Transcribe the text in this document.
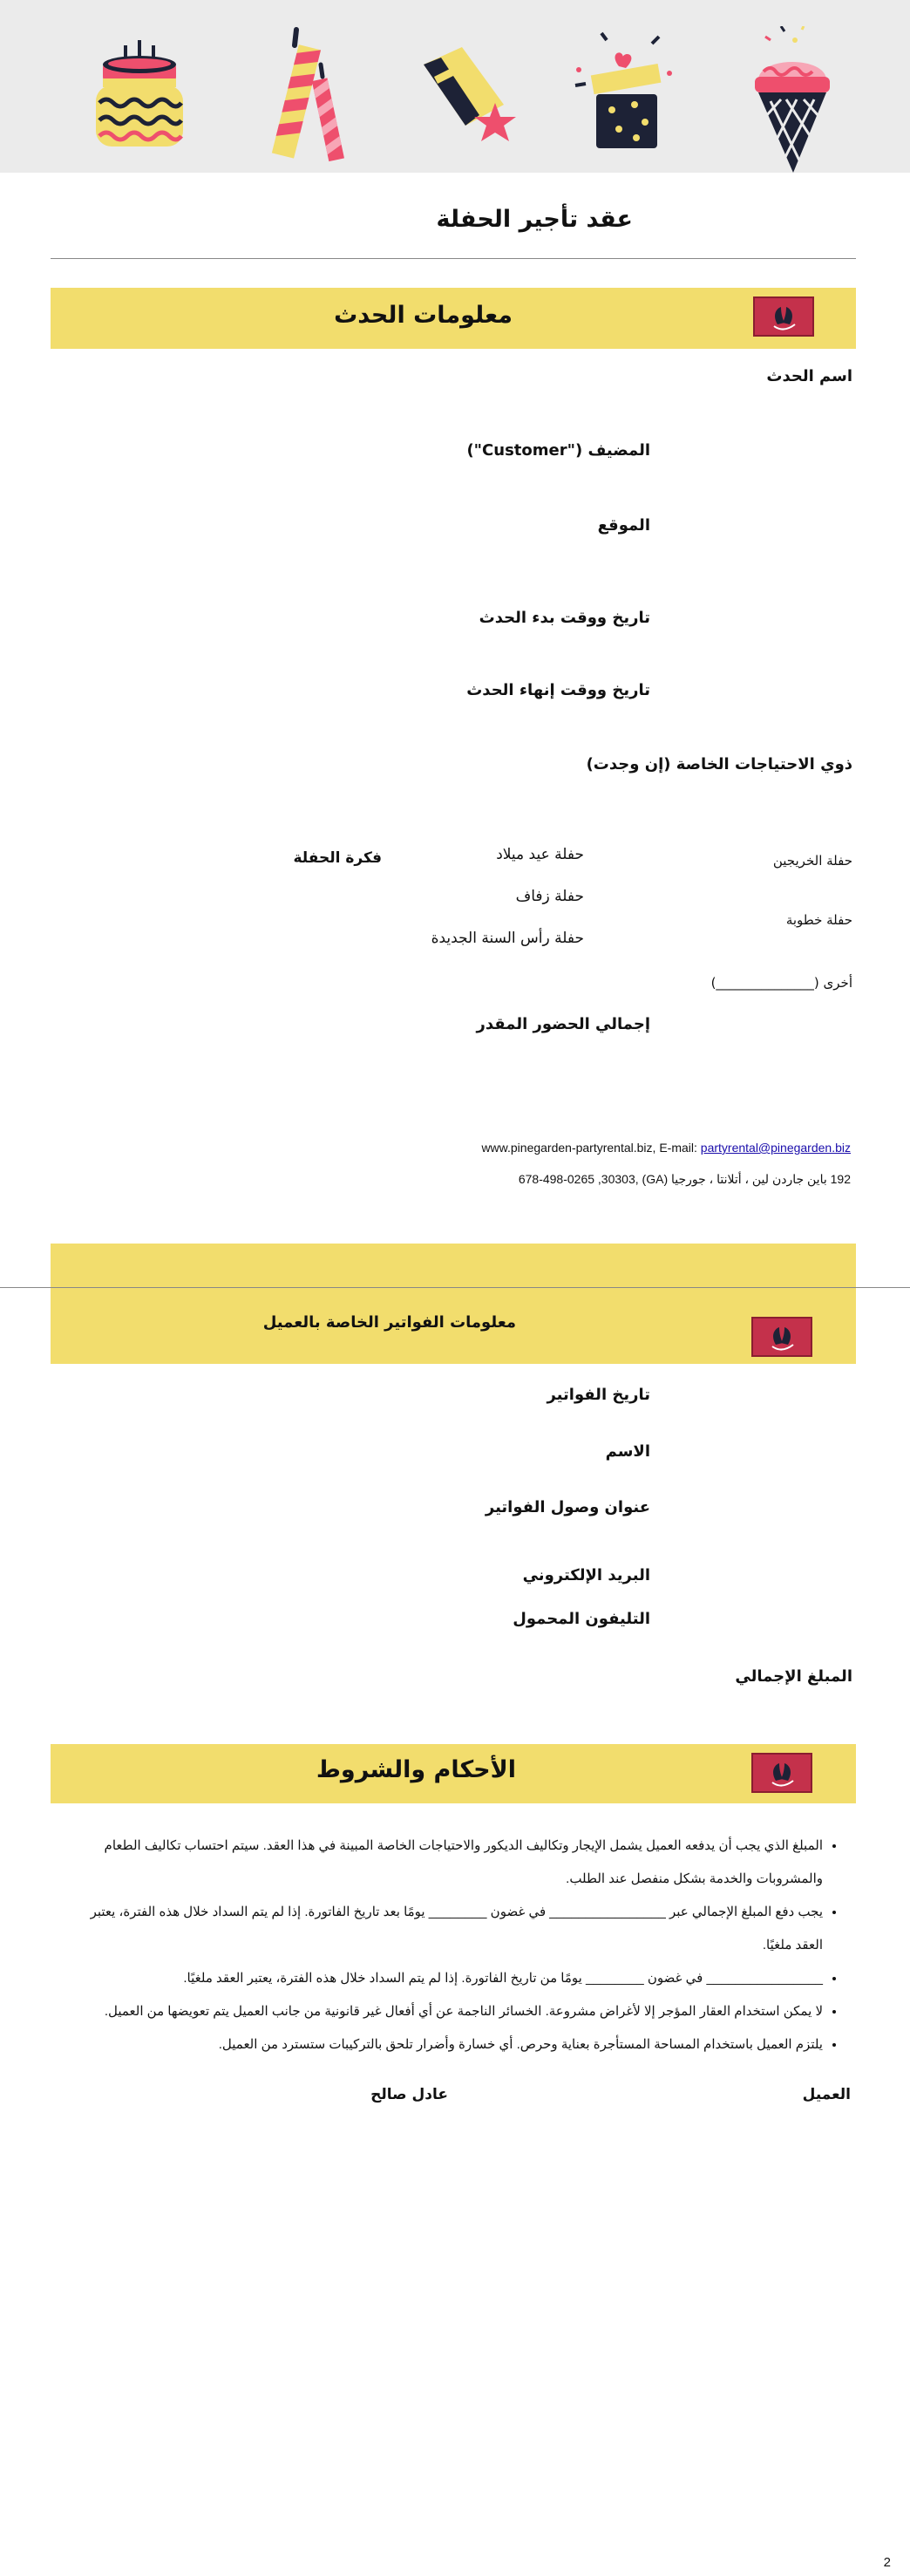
عقد تأجير الحفلة
معلومات الحدث
اسم الحدث
المضيف ("Customer")
الموقع
تاريخ ووقت بدء الحدث
تاريخ ووقت إنهاء الحدث
ذوي الاحتياجات الخاصة (إن وجدت)
فكرة الحفلة	حفلة عيد ميلاد
حفلة زفاف
حفلة رأس السنة الجديدة
حفلة الخريجين
حفلة خطوبة
أخرى (_______________)
إجمالي الحضور المقدر
www.pinegarden-partyrental.biz, E-mail: partyrental@pinegarden.biz
192 باين جاردن لين ، أتلانتا ، جورجيا (GA) ,678-498-0265 ,30303
معلومات الفواتير الخاصة بالعميل
تاريخ الفواتير
الاسم
عنوان وصول الفواتير
البريد الإلكتروني
التليفون المحمول
المبلغ الإجمالي
الأحكام والشروط
• المبلغ الذي يجب أن يدفعه العميل يشمل الإيجار وتكاليف الديكور والاحتياجات الخاصة المبينة في هذا العقد. سيتم احتساب تكاليف الطعام والمشروبات والخدمة بشكل منفصل عند الطلب.
• يجب دفع المبلغ الإجمالي عبر ________________ في غضون ________ يومًا بعد تاريخ الفاتورة. إذا لم يتم السداد خلال هذه الفترة، يعتبر العقد ملغيًا.
• ________________ في غضون ________ يومًا من تاريخ الفاتورة. إذا لم يتم السداد خلال هذه الفترة، يعتبر العقد ملغيًا.
• لا يمكن استخدام العقار المؤجر إلا لأغراض مشروعة. الخسائر الناجمة عن أي أفعال غير قانونية من جانب العميل يتم تعويضها من العميل.
• يلتزم العميل باستخدام المساحة المستأجرة بعناية وحرص. أي خسارة وأضرار تلحق بالتركيبات ستسترد من العميل.
العميل
عادل صالح
2
